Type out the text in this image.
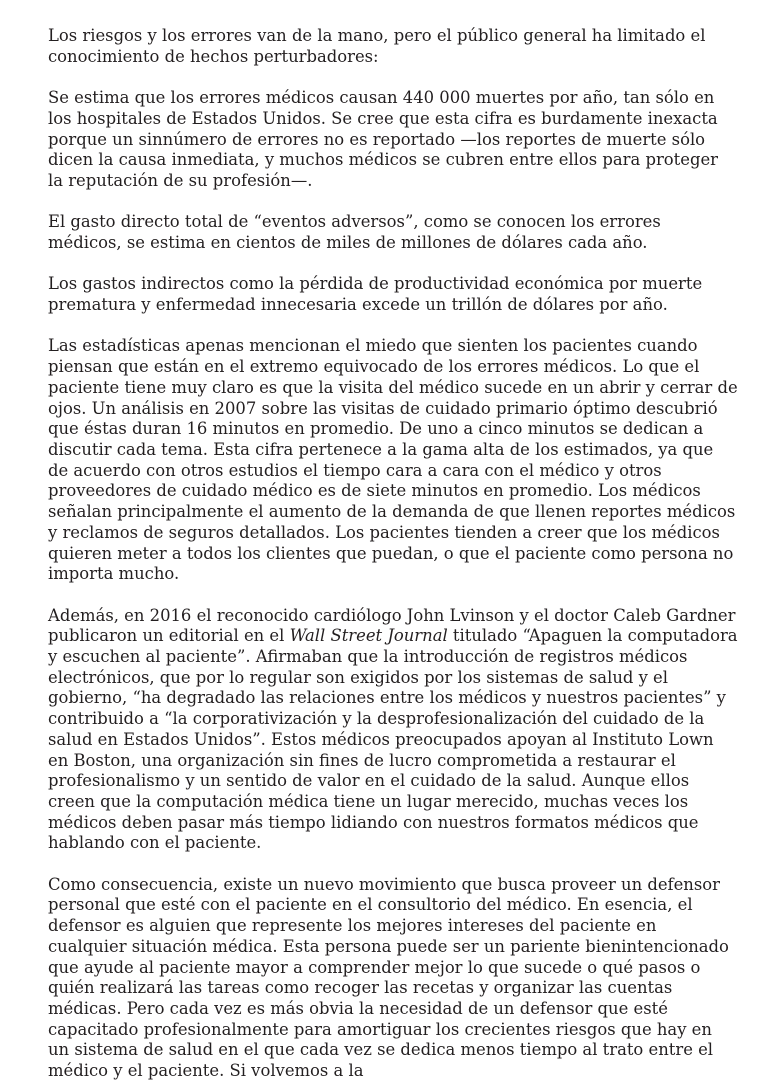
Los riesgos y los errores van de la mano, pero el público general ha limitado el conocimiento de hechos perturbadores:

Se estima que los errores médicos causan 440 000 muertes por año, tan sólo en los hospitales de Estados Unidos. Se cree que esta cifra es burdamente inexacta porque un sinnúmero de errores no es reportado —los reportes de muerte sólo dicen la causa inmediata, y muchos médicos se cubren entre ellos para proteger la reputación de su profesión—.

El gasto directo total de “eventos adversos”, como se conocen los errores médicos, se estima en cientos de miles de millones de dólares cada año.

Los gastos indirectos como la pérdida de productividad económica por muerte prematura y enfermedad innecesaria excede un trillón de dólares por año.

Las estadísticas apenas mencionan el miedo que sienten los pacientes cuando piensan que están en el extremo equivocado de los errores médicos. Lo que el paciente tiene muy claro es que la visita del médico sucede en un abrir y cerrar de ojos. Un análisis en 2007 sobre las visitas de cuidado primario óptimo descubrió que éstas duran 16 minutos en promedio. De uno a cinco minutos se dedican a discutir cada tema. Esta cifra pertenece a la gama alta de los estimados, ya que de acuerdo con otros estudios el tiempo cara a cara con el médico y otros proveedores de cuidado médico es de siete minutos en promedio. Los médicos señalan principalmente el aumento de la demanda de que llenen reportes médicos y reclamos de seguros detallados. Los pacientes tienden a creer que los médicos quieren meter a todos los clientes que puedan, o que el paciente como persona no importa mucho.

Además, en 2016 el reconocido cardiólogo John Lvinson y el doctor Caleb Gardner publicaron un editorial en el Wall Street Journal titulado “Apaguen la computadora y escuchen al paciente”. Afirmaban que la introducción de registros médicos electrónicos, que por lo regular son exigidos por los sistemas de salud y el gobierno, “ha degradado las relaciones entre los médicos y nuestros pacientes” y contribuido a “la corporativización y la desprofesionalización del cuidado de la salud en Estados Unidos”. Estos médicos preocupados apoyan al Instituto Lown en Boston, una organización sin fines de lucro comprometida a restaurar el profesionalismo y un sentido de valor en el cuidado de la salud. Aunque ellos creen que la computación médica tiene un lugar merecido, muchas veces los médicos deben pasar más tiempo lidiando con nuestros formatos médicos que hablando con el paciente.

Como consecuencia, existe un nuevo movimiento que busca proveer un defensor personal que esté con el paciente en el consultorio del médico. En esencia, el defensor es alguien que represente los mejores intereses del paciente en cualquier situación médica. Esta persona puede ser un pariente bienintencionado que ayude al paciente mayor a comprender mejor lo que sucede o qué pasos o quién realizará las tareas como recoger las recetas y organizar las cuentas médicas. Pero cada vez es más obvia la necesidad de un defensor que esté capacitado profesionalmente para amortiguar los crecientes riesgos que hay en un sistema de salud en el que cada vez se dedica menos tiempo al trato entre el médico y el paciente. Si volvemos a la
